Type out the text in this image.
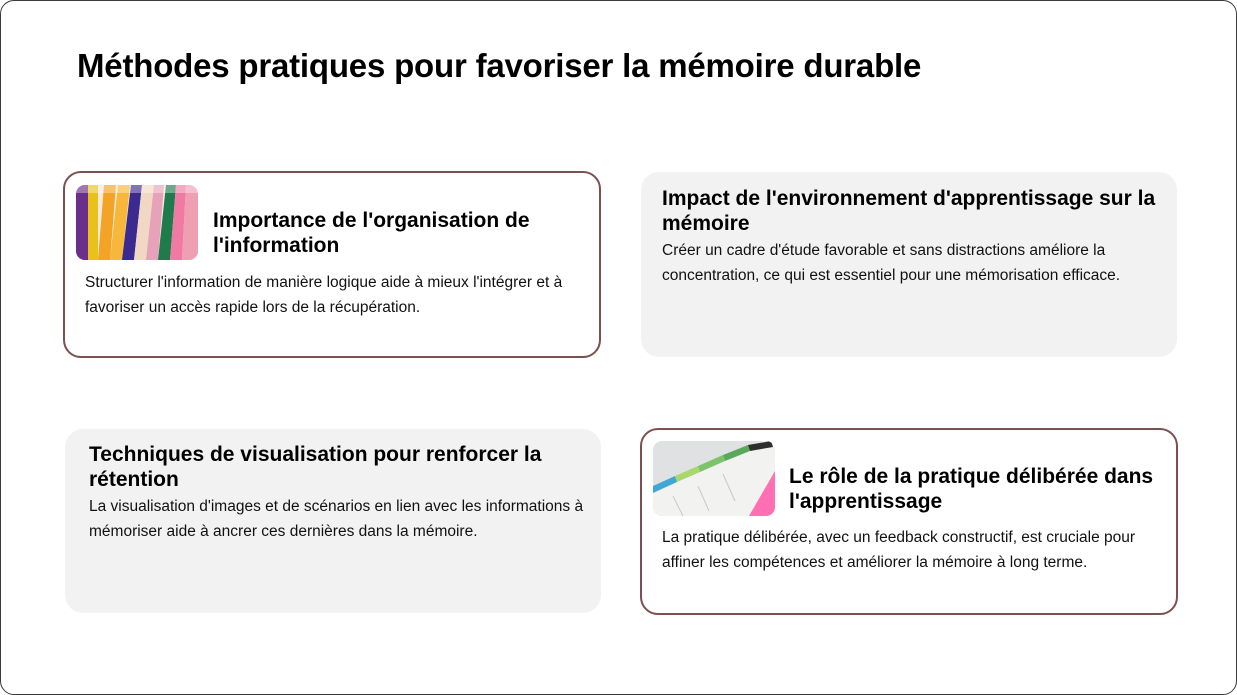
Méthodes pratiques pour favoriser la mémoire durable
Importance de l'organisation de l'information

Structurer l'information de manière logique aide à mieux l'intégrer et à favoriser un accès rapide lors de la récupération.

Impact de l'environnement d'apprentissage sur la mémoire

Créer un cadre d'étude favorable et sans distractions améliore la concentration, ce qui est essentiel pour une mémorisation efficace.

Techniques de visualisation pour renforcer la rétention

La visualisation d'images et de scénarios en lien avec les informations à mémoriser aide à ancrer ces dernières dans la mémoire.

Le rôle de la pratique délibérée dans l'apprentissage

La pratique délibérée, avec un feedback constructif, est cruciale pour affiner les compétences et améliorer la mémoire à long terme.
